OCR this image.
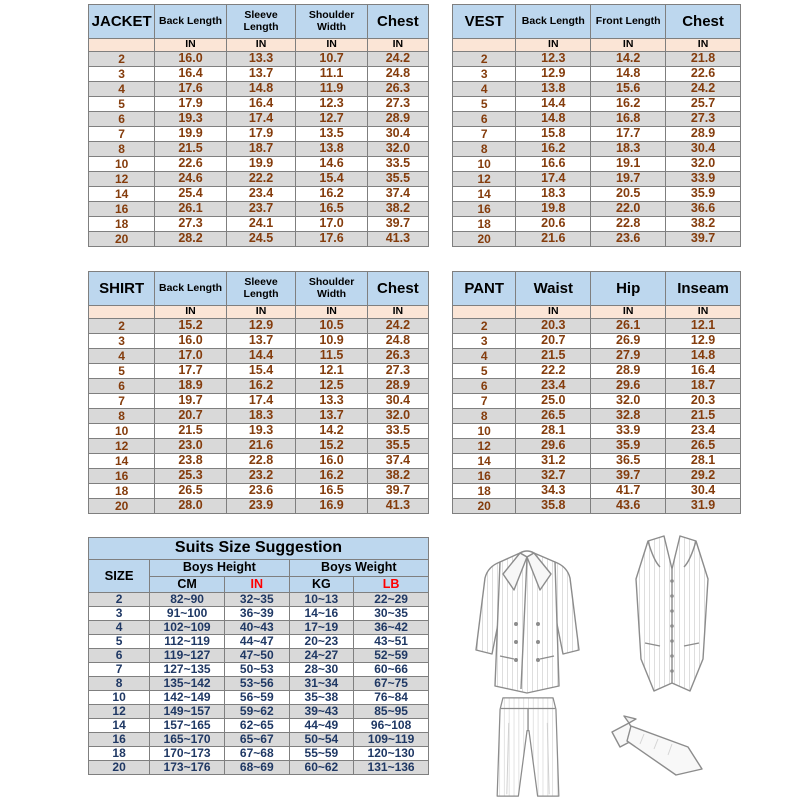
JACKET	Back Length	Sleeve Length	Shoulder Width	Chest
	IN	IN	IN	IN
2	16.0	13.3	10.7	24.2
3	16.4	13.7	11.1	24.8
4	17.6	14.8	11.9	26.3
5	17.9	16.4	12.3	27.3
6	19.3	17.4	12.7	28.9
7	19.9	17.9	13.5	30.4
8	21.5	18.7	13.8	32.0
10	22.6	19.9	14.6	33.5
12	24.6	22.2	15.4	35.5
14	25.4	23.4	16.2	37.4
16	26.1	23.7	16.5	38.2
18	27.3	24.1	17.0	39.7
20	28.2	24.5	17.6	41.3
VEST	Back Length	Front Length	Chest
	IN	IN	IN
2	12.3	14.2	21.8
3	12.9	14.8	22.6
4	13.8	15.6	24.2
5	14.4	16.2	25.7
6	14.8	16.8	27.3
7	15.8	17.7	28.9
8	16.2	18.3	30.4
10	16.6	19.1	32.0
12	17.4	19.7	33.9
14	18.3	20.5	35.9
16	19.8	22.0	36.6
18	20.6	22.8	38.2
20	21.6	23.6	39.7
SHIRT	Back Length	Sleeve Length	Shoulder Width	Chest
	IN	IN	IN	IN
2	15.2	12.9	10.5	24.2
3	16.0	13.7	10.9	24.8
4	17.0	14.4	11.5	26.3
5	17.7	15.4	12.1	27.3
6	18.9	16.2	12.5	28.9
7	19.7	17.4	13.3	30.4
8	20.7	18.3	13.7	32.0
10	21.5	19.3	14.2	33.5
12	23.0	21.6	15.2	35.5
14	23.8	22.8	16.0	37.4
16	25.3	23.2	16.2	38.2
18	26.5	23.6	16.5	39.7
20	28.0	23.9	16.9	41.3
PANT	Waist	Hip	Inseam
	IN	IN	IN
2	20.3	26.1	12.1
3	20.7	26.9	12.9
4	21.5	27.9	14.8
5	22.2	28.9	16.4
6	23.4	29.6	18.7
7	25.0	32.0	20.3
8	26.5	32.8	21.5
10	28.1	33.9	23.4
12	29.6	35.9	26.5
14	31.2	36.5	28.1
16	32.7	39.7	29.2
18	34.3	41.7	30.4
20	35.8	43.6	31.9
Suits Size Suggestion				
SIZE	Boys Height		Boys Weight	
	CM	IN	KG	LB
2	82~90	32~35	10~13	22~29
3	91~100	36~39	14~16	30~35
4	102~109	40~43	17~19	36~42
5	112~119	44~47	20~23	43~51
6	119~127	47~50	24~27	52~59
7	127~135	50~53	28~30	60~66
8	135~142	53~56	31~34	67~75
10	142~149	56~59	35~38	76~84
12	149~157	59~62	39~43	85~95
14	157~165	62~65	44~49	96~108
16	165~170	65~67	50~54	109~119
18	170~173	67~68	55~59	120~130
20	173~176	68~69	60~62	131~136
